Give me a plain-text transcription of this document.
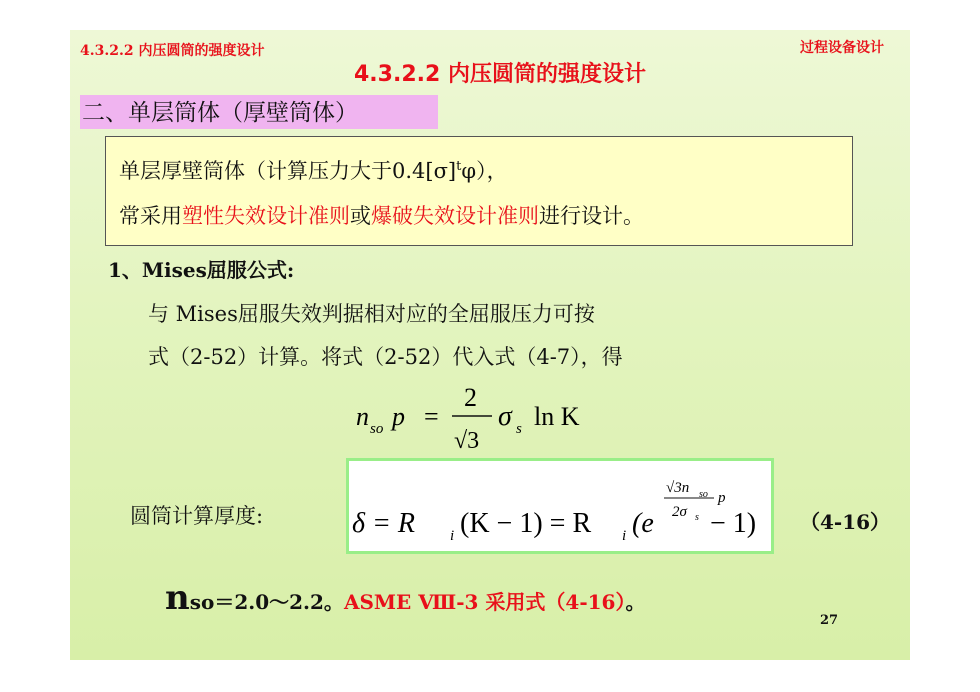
4.3.2.2 内压圆筒的强度设计	过程设备设计
4.3.2.2 内压圆筒的强度设计
二、单层筒体（厚壁筒体）
单层厚壁筒体（计算压力大于$0.4[\sigma]^t\varphi$），
常采用塑性失效设计准则或爆破失效设计准则进行设计。
1、Mises屈服公式:
与 Mises屈服失效判据相对应的全屈服压力可按
式（2-52）计算。将式（2-52）代入式（4-7），得
n so p =
2
√3
σ s ln K
圆筒计算厚度:	δ = R i (K − 1) = R i (e
√3n so p
2σ s − 1) （4-16）
nso＝2.0～2.2。ASME Ⅷ-3 采用式（4-16）。
27
